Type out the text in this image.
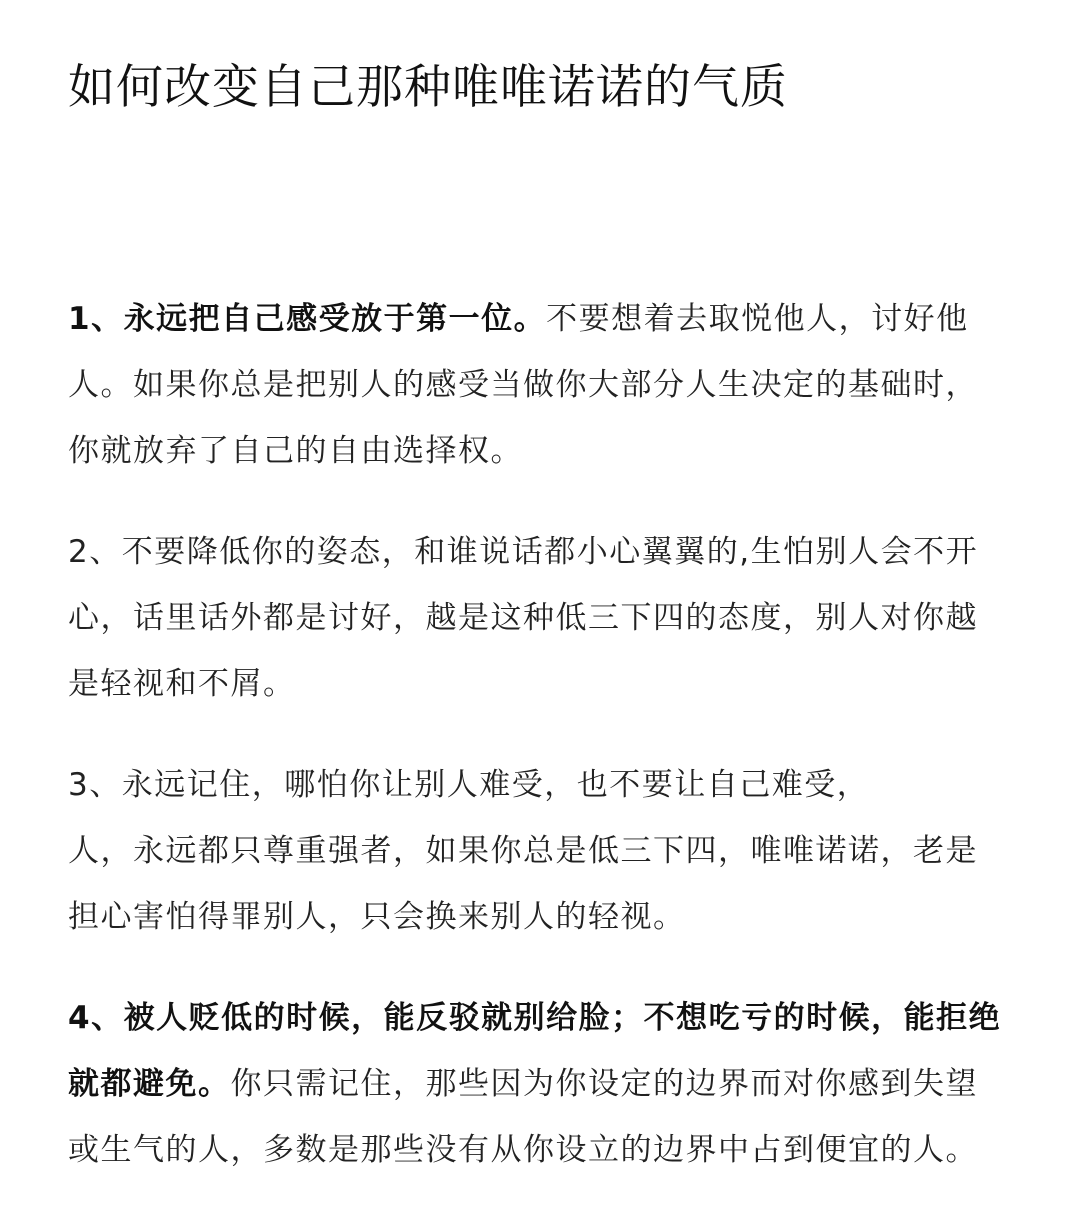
如何改变自己那种唯唯诺诺的气质

1、永远把自己感受放于第一位。不要想着去取悦他人，讨好他人。如果你总是把别人的感受当做你大部分人生决定的基础时，你就放弃了自己的自由选择权。

2、不要降低你的姿态，和谁说话都小心翼翼的,生怕别人会不开心，话里话外都是讨好，越是这种低三下四的态度，别人对你越是轻视和不屑。

3、永远记住，哪怕你让别人难受，也不要让自己难受，
人，永远都只尊重强者，如果你总是低三下四，唯唯诺诺，老是担心害怕得罪别人，只会换来别人的轻视。

4、被人贬低的时候，能反驳就别给脸；不想吃亏的时候，能拒绝就都避免。你只需记住，那些因为你设定的边界而对你感到失望或生气的人，多数是那些没有从你设立的边界中占到便宜的人。
